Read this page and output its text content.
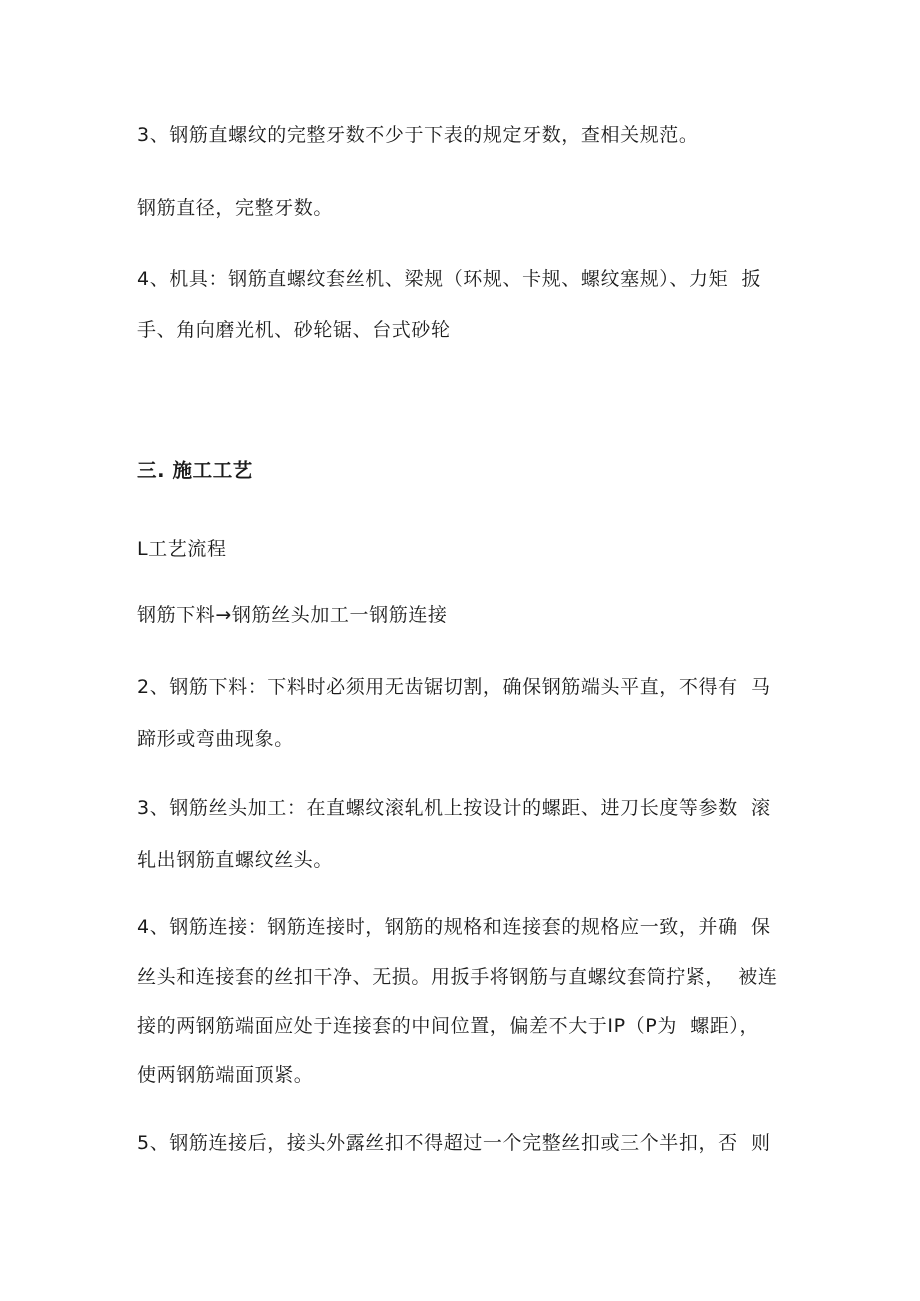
3、钢筋直螺纹的完整牙数不少于下表的规定牙数，查相关规范。
钢筋直径，完整牙数。
4、机具：钢筋直螺纹套丝机、梁规（环规、卡规、螺纹塞规）、力矩  扳
手、角向磨光机、砂轮锯、台式砂轮
三. 施工工艺
L工艺流程
钢筋下料→钢筋丝头加工一钢筋连接
2、钢筋下料：下料时必须用无齿锯切割，确保钢筋端头平直，不得有  马
蹄形或弯曲现象。
3、钢筋丝头加工：在直螺纹滚轧机上按设计的螺距、进刀长度等参数  滚
轧出钢筋直螺纹丝头。
4、钢筋连接：钢筋连接时，钢筋的规格和连接套的规格应一致，并确  保
丝头和连接套的丝扣干净、无损。用扳手将钢筋与直螺纹套筒拧紧，  被连
接的两钢筋端面应处于连接套的中间位置，偏差不大于IP（P为  螺距），
使两钢筋端面顶紧。
5、钢筋连接后，接头外露丝扣不得超过一个完整丝扣或三个半扣，否  则
